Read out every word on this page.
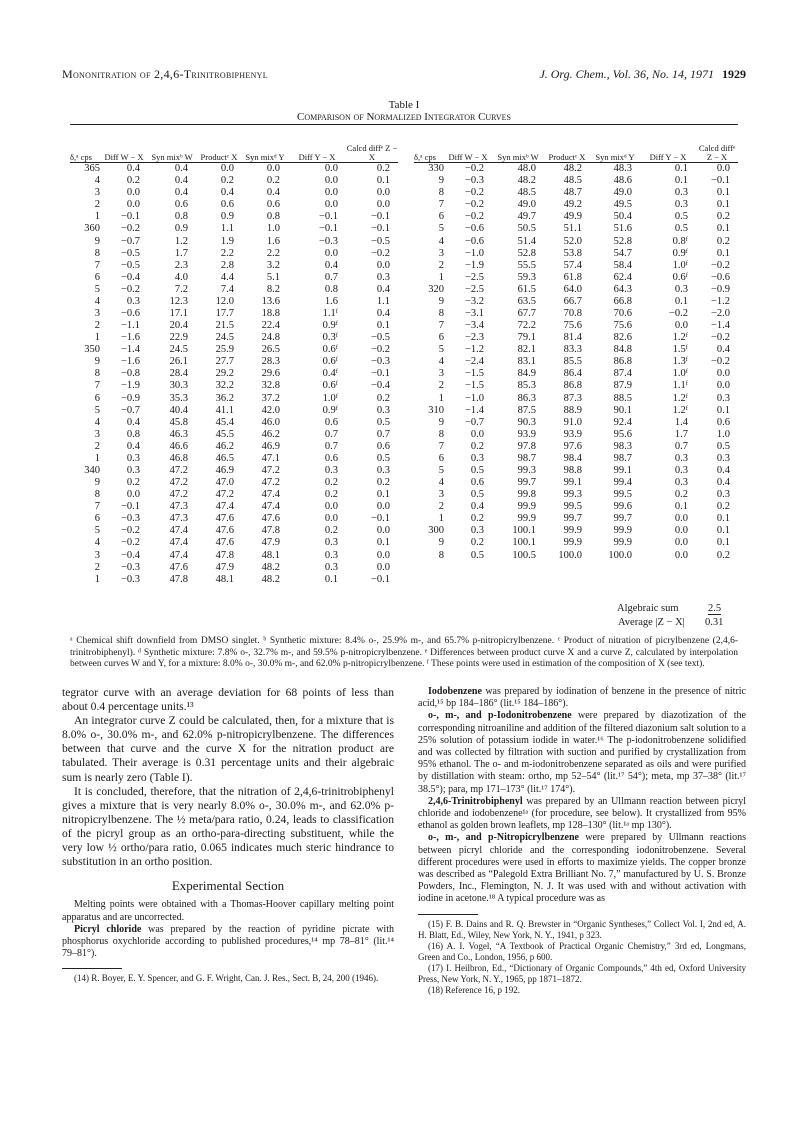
Mononitration of 2,4,6-Trinitrobiphenyl	J. Org. Chem., Vol. 36, No. 14, 1971 1929
Table I
Comparison of Normalized Integrator Curves
δ,ᵃ cps	Diff W − X	Syn mixᵇ W	Productᶜ X	Syn mixᵈ Y	Diff Y − X	Calcd diffᵉ Z − X
365	0.4	0.4	0.0	0.0	0.0	0.2
4	0.2	0.4	0.2	0.2	0.0	0.1
3	0.0	0.4	0.4	0.4	0.0	0.0
2	0.0	0.6	0.6	0.6	0.0	0.0
1	−0.1	0.8	0.9	0.8	−0.1	−0.1
360	−0.2	0.9	1.1	1.0	−0.1	−0.1
9	−0.7	1.2	1.9	1.6	−0.3	−0.5
8	−0.5	1.7	2.2	2.2	0.0	−0.2
7	−0.5	2.3	2.8	3.2	0.4	0.0
6	−0.4	4.0	4.4	5.1	0.7	0.3
5	−0.2	7.2	7.4	8.2	0.8	0.4
4	0.3	12.3	12.0	13.6	1.6	1.1
3	−0.6	17.1	17.7	18.8	1.1ᶠ	0.4
2	−1.1	20.4	21.5	22.4	0.9ᶠ	0.1
1	−1.6	22.9	24.5	24.8	0.3ᶠ	−0.5
350	−1.4	24.5	25.9	26.5	0.6ᶠ	−0.2
9	−1.6	26.1	27.7	28.3	0.6ᶠ	−0.3
8	−0.8	28.4	29.2	29.6	0.4ᶠ	−0.1
7	−1.9	30.3	32.2	32.8	0.6ᶠ	−0.4
6	−0.9	35.3	36.2	37.2	1.0ᶠ	0.2
5	−0.7	40.4	41.1	42.0	0.9ᶠ	0.3
4	0.4	45.8	45.4	46.0	0.6	0.5
3	0.8	46.3	45.5	46.2	0.7	0.7
2	0.4	46.6	46.2	46.9	0.7	0.6
1	0.3	46.8	46.5	47.1	0.6	0.5
340	0.3	47.2	46.9	47.2	0.3	0.3
9	0.2	47.2	47.0	47.2	0.2	0.2
8	0.0	47.2	47.2	47.4	0.2	0.1
7	−0.1	47.3	47.4	47.4	0.0	0.0
6	−0.3	47.3	47.6	47.6	0.0	−0.1
5	−0.2	47.4	47.6	47.8	0.2	0.0
4	−0.2	47.4	47.6	47.9	0.3	0.1
3	−0.4	47.4	47.8	48.1	0.3	0.0
2	−0.3	47.6	47.9	48.2	0.3	0.0
1	−0.3	47.8	48.1	48.2	0.1	−0.1
δ,ᵃ cps	Diff W − X	Syn mixᵇ W	Productᶜ X	Syn mixᵈ Y	Diff Y − X	Calcd diffᵉ Z − X
330	−0.2	48.0	48.2	48.3	0.1	0.0
9	−0.3	48.2	48.5	48.6	0.1	−0.1
8	−0.2	48.5	48.7	49.0	0.3	0.1
7	−0.2	49.0	49.2	49.5	0.3	0.1
6	−0.2	49.7	49.9	50.4	0.5	0.2
5	−0.6	50.5	51.1	51.6	0.5	0.1
4	−0.6	51.4	52.0	52.8	0.8ᶠ	0.2
3	−1.0	52.8	53.8	54.7	0.9ᶠ	0.1
2	−1.9	55.5	57.4	58.4	1.0ᶠ	−0.2
1	−2.5	59.3	61.8	62.4	0.6ᶠ	−0.6
320	−2.5	61.5	64.0	64.3	0.3	−0.9
9	−3.2	63.5	66.7	66.8	0.1	−1.2
8	−3.1	67.7	70.8	70.6	−0.2	−2.0
7	−3.4	72.2	75.6	75.6	0.0	−1.4
6	−2.3	79.1	81.4	82.6	1.2ᶠ	−0.2
5	−1.2	82.1	83.3	84.8	1.5ᶠ	0.4
4	−2.4	83.1	85.5	86.8	1.3ᶠ	−0.2
3	−1.5	84.9	86.4	87.4	1.0ᶠ	0.0
2	−1.5	85.3	86.8	87.9	1.1ᶠ	0.0
1	−1.0	86.3	87.3	88.5	1.2ᶠ	0.3
310	−1.4	87.5	88.9	90.1	1.2ᶠ	0.1
9	−0.7	90.3	91.0	92.4	1.4	0.6
8	0.0	93.9	93.9	95.6	1.7	1.0
7	0.2	97.8	97.6	98.3	0.7	0.5
6	0.3	98.7	98.4	98.7	0.3	0.3
5	0.5	99.3	98.8	99.1	0.3	0.4
4	0.6	99.7	99.1	99.4	0.3	0.4
3	0.5	99.8	99.3	99.5	0.2	0.3
2	0.4	99.9	99.5	99.6	0.1	0.2
1	0.2	99.9	99.7	99.7	0.0	0.1
300	0.3	100.1	99.9	99.9	0.0	0.1
9	0.2	100.1	99.9	99.9	0.0	0.1
8	0.5	100.5	100.0	100.0	0.0	0.2
Algebraic sum	2.5
Average |Z − X| 0.31
ᵃ Chemical shift downfield from DMSO singlet. ᵇ Synthetic mixture: 8.4% o-, 25.9% m-, and 65.7% p-nitropicrylbenzene. ᶜ Product of nitration of picrylbenzene (2,4,6-trinitrobiphenyl). ᵈ Synthetic mixture: 7.8% o-, 32.7% m-, and 59.5% p-nitropicrylbenzene. ᵉ Differences between product curve X and a curve Z, calculated by interpolation between curves W and Y, for a mixture: 8.0% o-, 30.0% m-, and 62.0% p-nitropicrylbenzene. ᶠ These points were used in estimation of the composition of X (see text).

tegrator curve with an average deviation for 68 points of less than about 0.4 percentage units.¹³

An integrator curve Z could be calculated, then, for a mixture that is 8.0% o-, 30.0% m-, and 62.0% p-nitropicrylbenzene. The differences between that curve and the curve X for the nitration product are tabulated. Their average is 0.31 percentage units and their algebraic sum is nearly zero (Table I).

It is concluded, therefore, that the nitration of 2,4,6-trinitrobiphenyl gives a mixture that is very nearly 8.0% o-, 30.0% m-, and 62.0% p-nitropicrylbenzene. The ½ meta/para ratio, 0.24, leads to classification of the picryl group as an ortho-para-directing substituent, while the very low ½ ortho/para ratio, 0.065 indicates much steric hindrance to substitution in an ortho position.

Experimental Section

Melting points were obtained with a Thomas-Hoover capillary melting point apparatus and are uncorrected.

Picryl chloride was prepared by the reaction of pyridine picrate with phosphorus oxychloride according to published procedures,¹⁴ mp 78–81° (lit.¹⁴ 79–81°).

(14) R. Boyer, E. Y. Spencer, and G. F. Wright, Can. J. Res., Sect. B, 24, 200 (1946).

Iodobenzene was prepared by iodination of benzene in the presence of nitric acid,¹⁵ bp 184–186° (lit.¹⁵ 184–186°).

o-, m-, and p-Iodonitrobenzene were prepared by diazotization of the corresponding nitroaniline and addition of the filtered diazonium salt solution to a 25% solution of potassium iodide in water.¹⁶ The p-iodonitrobenzene solidified and was collected by filtration with suction and purified by crystallization from 95% ethanol. The o- and m-iodonitrobenzene separated as oils and were purified by distillation with steam: ortho, mp 52–54° (lit.¹⁷ 54°); meta, mp 37–38° (lit.¹⁷ 38.5°); para, mp 171–173° (lit.¹⁷ 174°).

2,4,6-Trinitrobiphenyl was prepared by an Ullmann reaction between picryl chloride and iodobenzene¹ᵃ (for procedure, see below). It crystallized from 95% ethanol as golden brown leaflets, mp 128–130° (lit.¹ᵃ mp 130°).

o-, m-, and p-Nitropicrylbenzene were prepared by Ullmann reactions between picryl chloride and the corresponding iodonitrobenzene. Several different procedures were used in efforts to maximize yields. The copper bronze was described as “Palegold Extra Brilliant No. 7,” manufactured by U. S. Bronze Powders, Inc., Flemington, N. J. It was used with and without activation with iodine in acetone.¹⁸ A typical procedure was as

(15) F. B. Dains and R. Q. Brewster in “Organic Syntheses,” Collect Vol. I, 2nd ed, A. H. Blatt, Ed., Wiley, New York, N. Y., 1941, p 323.

(16) A. I. Vogel, “A Textbook of Practical Organic Chemistry,” 3rd ed, Longmans, Green and Co., London, 1956, p 600.

(17) I. Heilbron, Ed., “Dictionary of Organic Compounds,” 4th ed, Oxford University Press, New York, N. Y., 1965, pp 1871–1872.

(18) Reference 16, p 192.
